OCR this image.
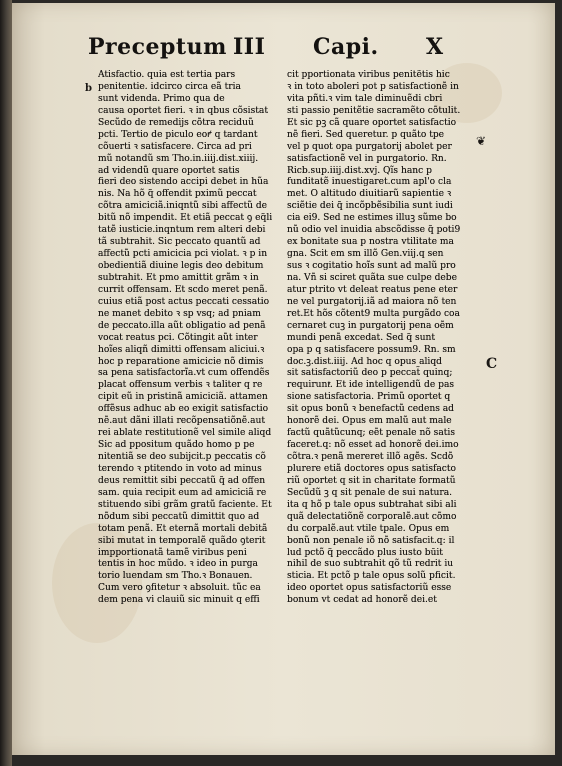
Preceptum III Capi. X
b
C
❦
Atisfactio. quia est tertia pars
penitentie. idcirco circa eã tria
sunt videnda. Primo qua de
causa oportet fieri. ꝛ in qbus cõsistat
Secũdo de remedijs cõtra reciduũ
pcti. Tertio de piculo eoꝵ q tardant
cõuerti ꝛ satisfacere. Circa ad pri
mũ notandũ sm Tho.in.iiij.dist.xiiij.
ad videndũ quare oportet satis
fieri deo sistendo accipi debet in hũa
nis. Na hõ q̃ offendit pximũ peccat
cõtra amiciciã.iniqntũ sibi affectũ de
bitũ nõ impendit. Et etiã peccat ꝯ eq̃li
tatẽ iusticie.inqntum rem alteri debi
tã subtrahit. Sic peccato quantũ ad
affectũ pcti amicicia pci violat. ꝛ p in
obedientiã diuine legis deo debitum
subtrahit. Et pmo amittit grãm ꝛ in
currit offensam. Et scdo meret penã.
cuius etiã post actus peccati cessatio
ne manet debito ꝛ sp vsq; ad pniam
de peccato.illa aũt obligatio ad penã
vocat reatus pci. Cõtingit aũt inter
hoĩes aliqñ dimitti offensam aliciui.ꝛ
hoc p reparatione amicicie nõ dimis
sa pena satisfactorĩa.vt cum offendẽs
placat offensum verbis ꝛ taliter q re
cipit eũ in pristinã amiciciã. attamen
offẽsus adhuc ab eo exigit satisfactio
nẽ.aut dãni illati recõpensatiõnẽ.aut
rei ablate restitutionẽ vel simile aliqd
Sic ad ppositum quãdo homo p pe
nitentiã se deo subijcit.p peccatis cõ
terendo ꝛ ptitendo in voto ad minus
deus remittit sibi peccatũ q̃ ad offen
sam. quia recipit eum ad amiciciã re
stituendo sibi grãm gratũ faciente. Et
nõdum sibi peccatũ dimittit quo ad
totam penã. Et eternã mortali debitã
sibi mutat in temporalẽ quãdo ꝯterit
impportionatã tamẽ viribus peni
tentis in hoc mũdo. ꝛ ideo in purga
torio luendam sm Tho.ꝛ Bonauen.
Cum vero ꝯfitetur ꝛ absoluit. tũc ea
dem pena vi clauiũ sic minuit q effi
cit pportionata viribus penitẽtis hic
ꝛ in toto aboleri pot p satisfactionẽ in
vita pñti.ꝛ vim tale diminuẽdi cbri
sti passio penitẽtie sacramẽto cõtulit.
Et sic pꝫ cã quare oportet satisfactio
nẽ fieri. Sed queretur. p quãto tpe
vel p quot opa purgatorij abolet per
satisfactionẽ vel in purgatorio. Rn.
Ricb.sup.iiij.dist.xvj. Qĩs hanc p
funditatẽ inuestigaret.cum apl'o cla
met. O altitudo diuitiarũ sapientie ꝛ
sciẽtie dei q̃ incõpbẽsibilia sunt iudi
cia ei9. Sed ne estimes illuꝫ sũme bo
nũ odio vel inuidia abscõdisse q̃ poti9
ex bonitate sua p nostra vtilitate ma
gna. Scit em sm illõ Gen.viij.q sen
sus ꝛ cogitatio hoĩs sunt ad malũ pro
na. Vñ si sciret quãta sue culpe debe
atur ptrito vt deleat reatus pene eter
ne vel purgatorij.iã ad maiora nõ ten
ret.Et hõs cõtent9 multa purgãdo coa
cernaret cuꝫ in purgatorij pena oẽm
mundi penã excedat. Sed q̃ sunt
opa p q satisfacere possum9. Rn. sm
doc.ꝫ.dist.iiij. Ad hoc q opus aliqd
sit satisfactoriũ deo p peccat̃ quinq;
requiruntͬ. Et ide intelligendũ de pas
sione satisfactoria. Primũ oportet q
sit opus bonũ ꝛ benefactũ cedens ad
honorẽ dei. Opus em malũ aut male
factũ quãtũcunq; eẽt penale nõ satis
faceret.q: nõ esset ad honorẽ dei.imo
cõtra.ꝛ penã mereret illõ agẽs. Scdõ
plurere etiã doctores opus satisfacto
riũ oportet q sit in charitate formatũ
Secũdũ ꝫ q sit penale de sui natura.
ita q hõ p tale opus subtrahat sibi ali
quã delectatiõnẽ corporalẽ.aut cõmo
du corpalẽ.aut vtile tpale. Opus em
bonũ non penale iõ nõ satisfacit.q: il
lud pctõ q̃ peccãdo plus iusto būit
nihil de suo subtrahit qõ tũ redrit iu
sticia. Et pctõ p tale opus solũ pficit.
ideo oportet opus satisfactoriũ esse
bonum vt cedat ad honorẽ dei.et
